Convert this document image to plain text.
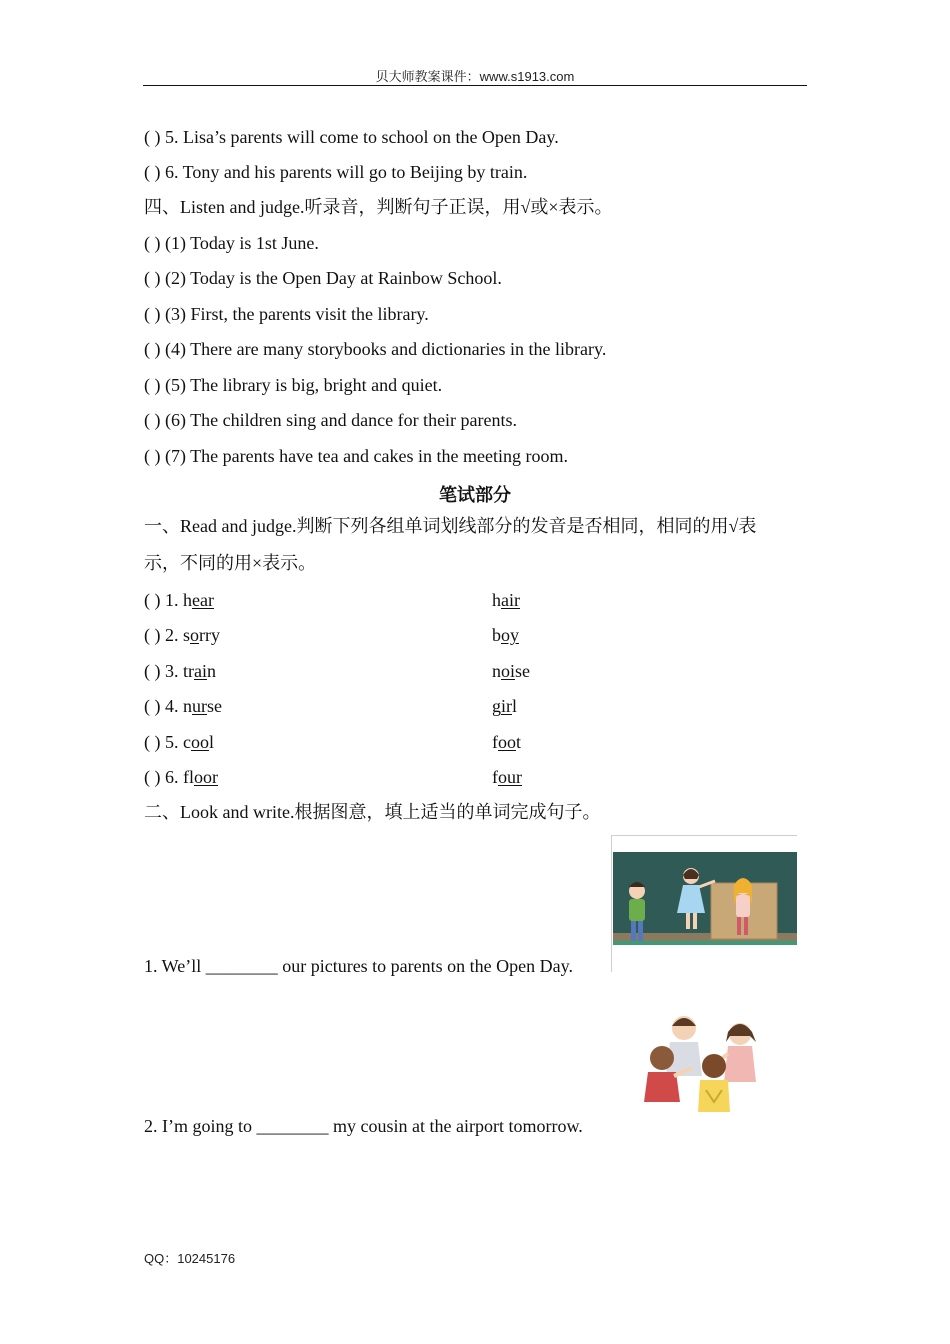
贝大师教案课件：www.s1913.com
( ) 5. Lisa’s parents will come to school on the Open Day.
( ) 6. Tony and his parents will go to Beijing by train.
四、Listen and judge.听录音，判断句子正误，用√或×表示。
( ) (1) Today is 1st June.
( ) (2) Today is the Open Day at Rainbow School.
( ) (3) First, the parents visit the library.
( ) (4) There are many storybooks and dictionaries in the library.
( ) (5) The library is big, bright and quiet.
( ) (6) The children sing and dance for their parents.
( ) (7) The parents have tea and cakes in the meeting room.
笔试部分
一、Read and judge.判断下列各组单词划线部分的发音是否相同，相同的用√表
示，不同的用×表示。
( ) 1. hear	hair
( ) 2. sorry	boy
( ) 3. train	noise
( ) 4. nurse	girl
( ) 5. cool	foot
( ) 6. floor	four
二、Look and write.根据图意，填上适当的单词完成句子。
1. We’ll ________ our pictures to parents on the Open Day.
2. I’m going to ________ my cousin at the airport tomorrow.
QQ：10245176
